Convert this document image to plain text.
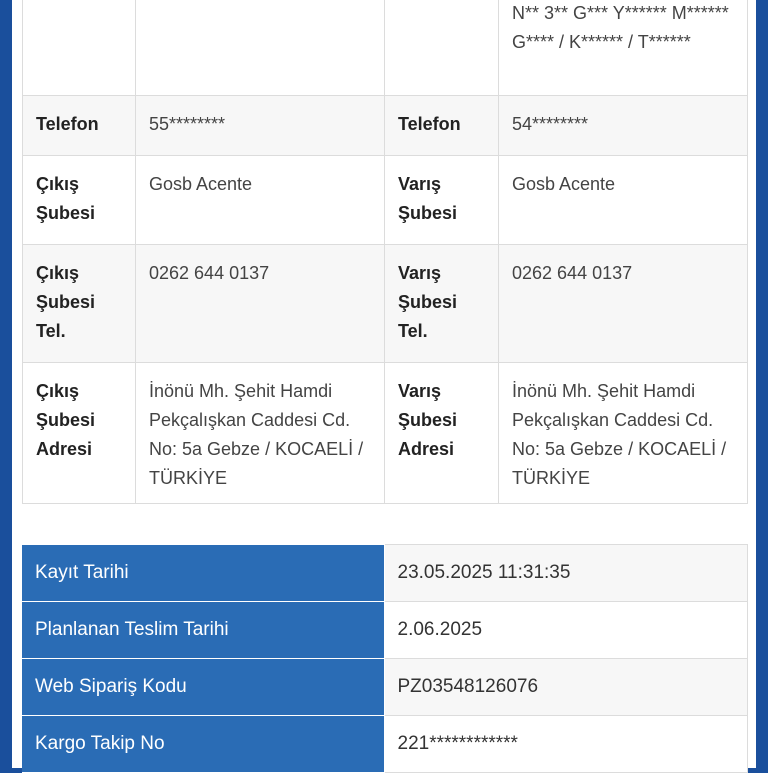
			N** 3** G*** Y****** M****** G**** / K****** / T******
Telefon	55********	Telefon	54********
Çıkış Şubesi	Gosb Acente	Varış Şubesi	Gosb Acente
Çıkış Şubesi Tel.	0262 644 0137	Varış Şubesi Tel.	0262 644 0137
Çıkış Şubesi Adresi	İnönü Mh. Şehit Hamdi Pekçalışkan Caddesi Cd. No: 5a Gebze / KOCAELİ / TÜRKİYE	Varış Şubesi Adresi	İnönü Mh. Şehit Hamdi Pekçalışkan Caddesi Cd. No: 5a Gebze / KOCAELİ / TÜRKİYE
Kayıt Tarihi	23.05.2025 11:31:35
Planlanan Teslim Tarihi	2.06.2025
Web Sipariş Kodu	PZ03548126076
Kargo Takip No	221************
